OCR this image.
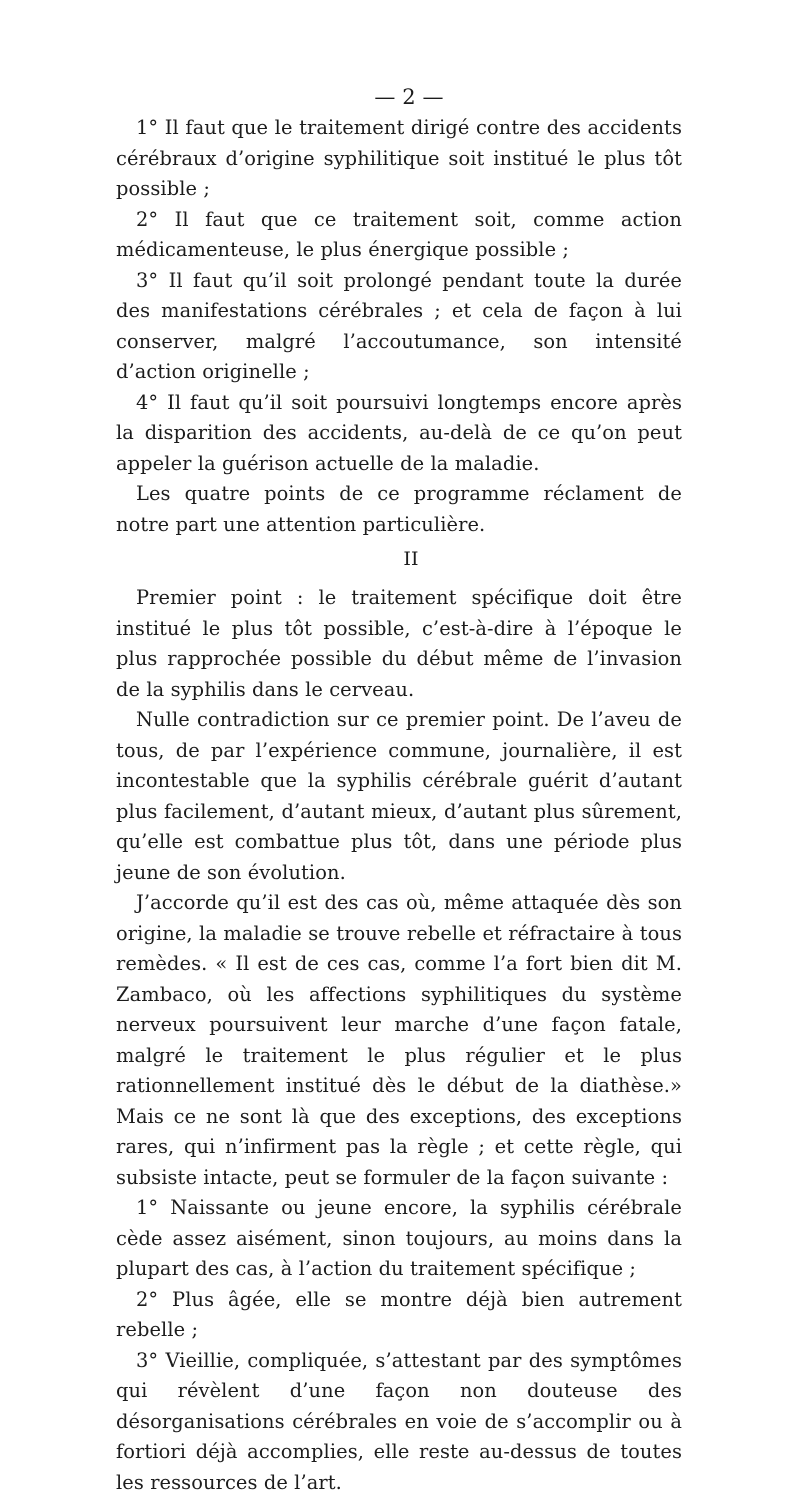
— 2 —

1° Il faut que le traitement dirigé contre des accidents cérébraux d’origine syphilitique soit institué le plus tôt possible ;

2° Il faut que ce traitement soit, comme action médicamenteuse, le plus énergique possible ;

3° Il faut qu’il soit prolongé pendant toute la durée des manifestations cérébrales ; et cela de façon à lui conserver, malgré l’accoutumance, son intensité d’action originelle ;

4° Il faut qu’il soit poursuivi longtemps encore après la disparition des accidents, au-delà de ce qu’on peut appeler la guérison actuelle de la maladie.

Les quatre points de ce programme réclament de notre part une attention particulière.

II

Premier point : le traitement spécifique doit être institué le plus tôt possible, c’est-à-dire à l’époque le plus rapprochée possible du début même de l’invasion de la syphilis dans le cerveau.

Nulle contradiction sur ce premier point. De l’aveu de tous, de par l’expérience commune, journalière, il est incontestable que la syphilis cérébrale guérit d’autant plus facilement, d’autant mieux, d’autant plus sûrement, qu’elle est combattue plus tôt, dans une période plus jeune de son évolution.

J’accorde qu’il est des cas où, même attaquée dès son origine, la maladie se trouve rebelle et réfractaire à tous remèdes. « Il est de ces cas, comme l’a fort bien dit M. Zambaco, où les affections syphilitiques du système nerveux poursuivent leur marche d’une façon fatale, malgré le traitement le plus régulier et le plus rationnellement institué dès le début de la diathèse.» Mais ce ne sont là que des exceptions, des exceptions rares, qui n’infirment pas la règle ; et cette règle, qui subsiste intacte, peut se formuler de la façon suivante :

1° Naissante ou jeune encore, la syphilis cérébrale cède assez aisément, sinon toujours, au moins dans la plupart des cas, à l’action du traitement spécifique ;

2° Plus âgée, elle se montre déjà bien autrement rebelle ;

3° Vieillie, compliquée, s’attestant par des symptômes qui révèlent d’une façon non douteuse des désorganisations cérébrales en voie de s’accomplir ou à fortiori déjà accomplies, elle reste au-dessus de toutes les ressources de l’art.
